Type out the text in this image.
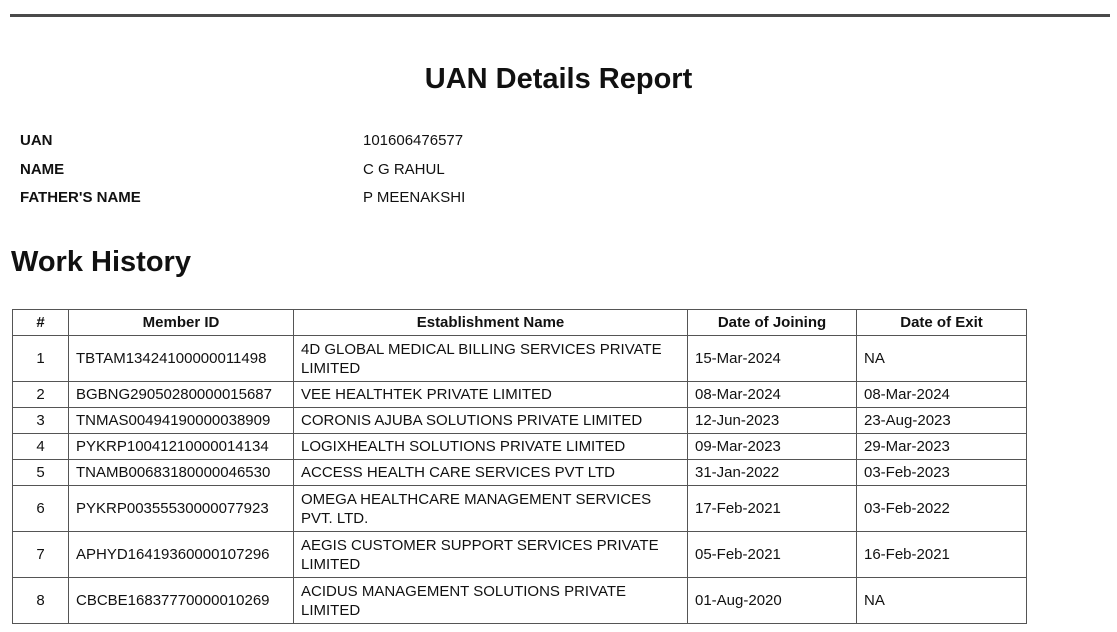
UAN Details Report
UAN	101606476577
NAME	C G RAHUL
FATHER'S NAME	P MEENAKSHI
Work History
#	Member ID	Establishment Name	Date of Joining	Date of Exit
1	TBTAM13424100000011498	4D GLOBAL MEDICAL BILLING SERVICES PRIVATE LIMITED	15-Mar-2024	NA
2	BGBNG29050280000015687	VEE HEALTHTEK PRIVATE LIMITED	08-Mar-2024	08-Mar-2024
3	TNMAS00494190000038909	CORONIS AJUBA SOLUTIONS PRIVATE LIMITED	12-Jun-2023	23-Aug-2023
4	PYKRP10041210000014134	LOGIXHEALTH SOLUTIONS PRIVATE LIMITED	09-Mar-2023	29-Mar-2023
5	TNAMB00683180000046530	ACCESS HEALTH CARE SERVICES PVT LTD	31-Jan-2022	03-Feb-2023
6	PYKRP00355530000077923	OMEGA HEALTHCARE MANAGEMENT SERVICES PVT. LTD.	17-Feb-2021	03-Feb-2022
7	APHYD16419360000107296	AEGIS CUSTOMER SUPPORT SERVICES PRIVATE LIMITED	05-Feb-2021	16-Feb-2021
8	CBCBE16837770000010269	ACIDUS MANAGEMENT SOLUTIONS PRIVATE LIMITED	01-Aug-2020	NA
